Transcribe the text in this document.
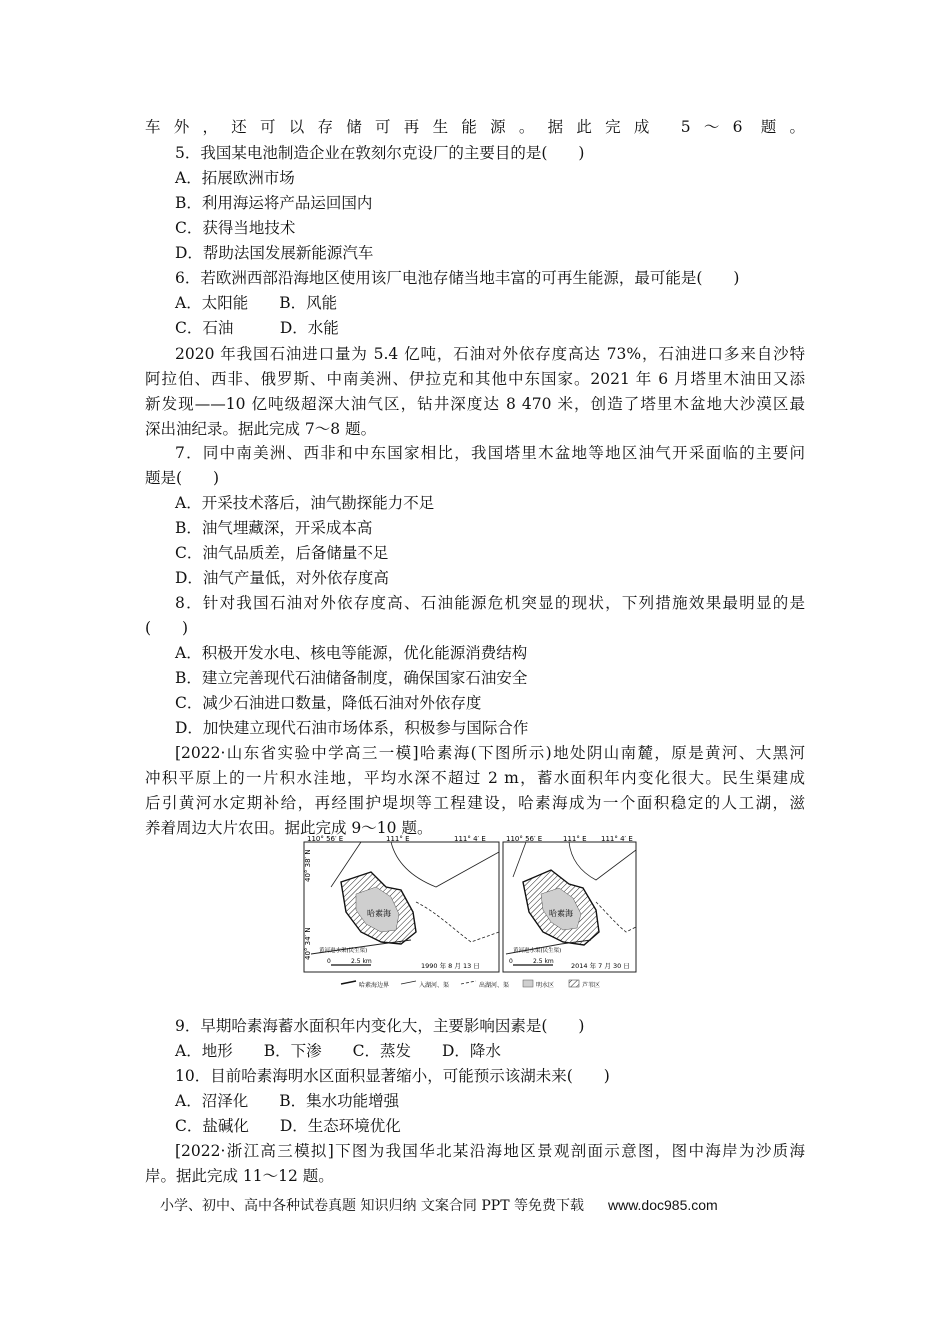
车外，还可以存储可再生能源。据此完成 5～6 题。
5．我国某电池制造企业在敦刻尔克设厂的主要目的是(　　)
A．拓展欧洲市场
B．利用海运将产品运回国内
C．获得当地技术
D．帮助法国发展新能源汽车
6．若欧洲西部沿海地区使用该厂电池存储当地丰富的可再生能源，最可能是(　　)
A．太阳能　　B．风能
C．石油　　　D．水能
2020 年我国石油进口量为 5.4 亿吨，石油对外依存度高达 73%，石油进口多来自沙特
阿拉伯、西非、俄罗斯、中南美洲、伊拉克和其他中东国家。2021 年 6 月塔里木油田又添
新发现——10 亿吨级超深大油气区，钻井深度达 8 470 米，创造了塔里木盆地大沙漠区最
深出油纪录。据此完成 7～8 题。
7．同中南美洲、西非和中东国家相比，我国塔里木盆地等地区油气开采面临的主要问
题是(　　)
A．开采技术落后，油气勘探能力不足
B．油气埋藏深，开采成本高
C．油气品质差，后备储量不足
D．油气产量低，对外依存度高
8．针对我国石油对外依存度高、石油能源危机突显的现状，下列措施效果最明显的是
(　　)
A．积极开发水电、核电等能源，优化能源消费结构
B．建立完善现代石油储备制度，确保国家石油安全
C．减少石油进口数量，降低石油对外依存度
D．加快建立现代石油市场体系，积极参与国际合作
[2022·山东省实验中学高三一模]哈素海(下图所示)地处阴山南麓，原是黄河、大黑河
冲积平原上的一片积水洼地，平均水深不超过 2 m，蓄水面积年内变化很大。民生渠建成
后引黄河水定期补给，再经围护堤坝等工程建设，哈素海成为一个面积稳定的人工湖，滋
养着周边大片农田。据此完成 9～10 题。
110° 56′ E	111° E	111° 4′ E
40° 38′ N
40° 34′ N
哈素海
黄河进水渠(民生渠)
0	2.5 km
1990 年 8 月 13 日
110° 56′ E	111° E 111° 4′ E
哈素海
黄河进水渠(民生渠)
0	2.5 km
2014 年 7 月 30 日
哈素海边界	入湖河、渠	出湖河、渠	明水区	芦苇区
9．早期哈素海蓄水面积年内变化大，主要影响因素是(　　)
A．地形　　B．下渗　　C．蒸发　　D．降水
10．目前哈素海明水区面积显著缩小，可能预示该湖未来(　　)
A．沼泽化　　B．集水功能增强
C．盐碱化　　D．生态环境优化
[2022·浙江高三模拟]下图为我国华北某沿海地区景观剖面示意图，图中海岸为沙质海
岸。据此完成 11～12 题。
小学、初中、高中各种试卷真题 知识归纳 文案合同 PPT 等免费下载 www.doc985.com
